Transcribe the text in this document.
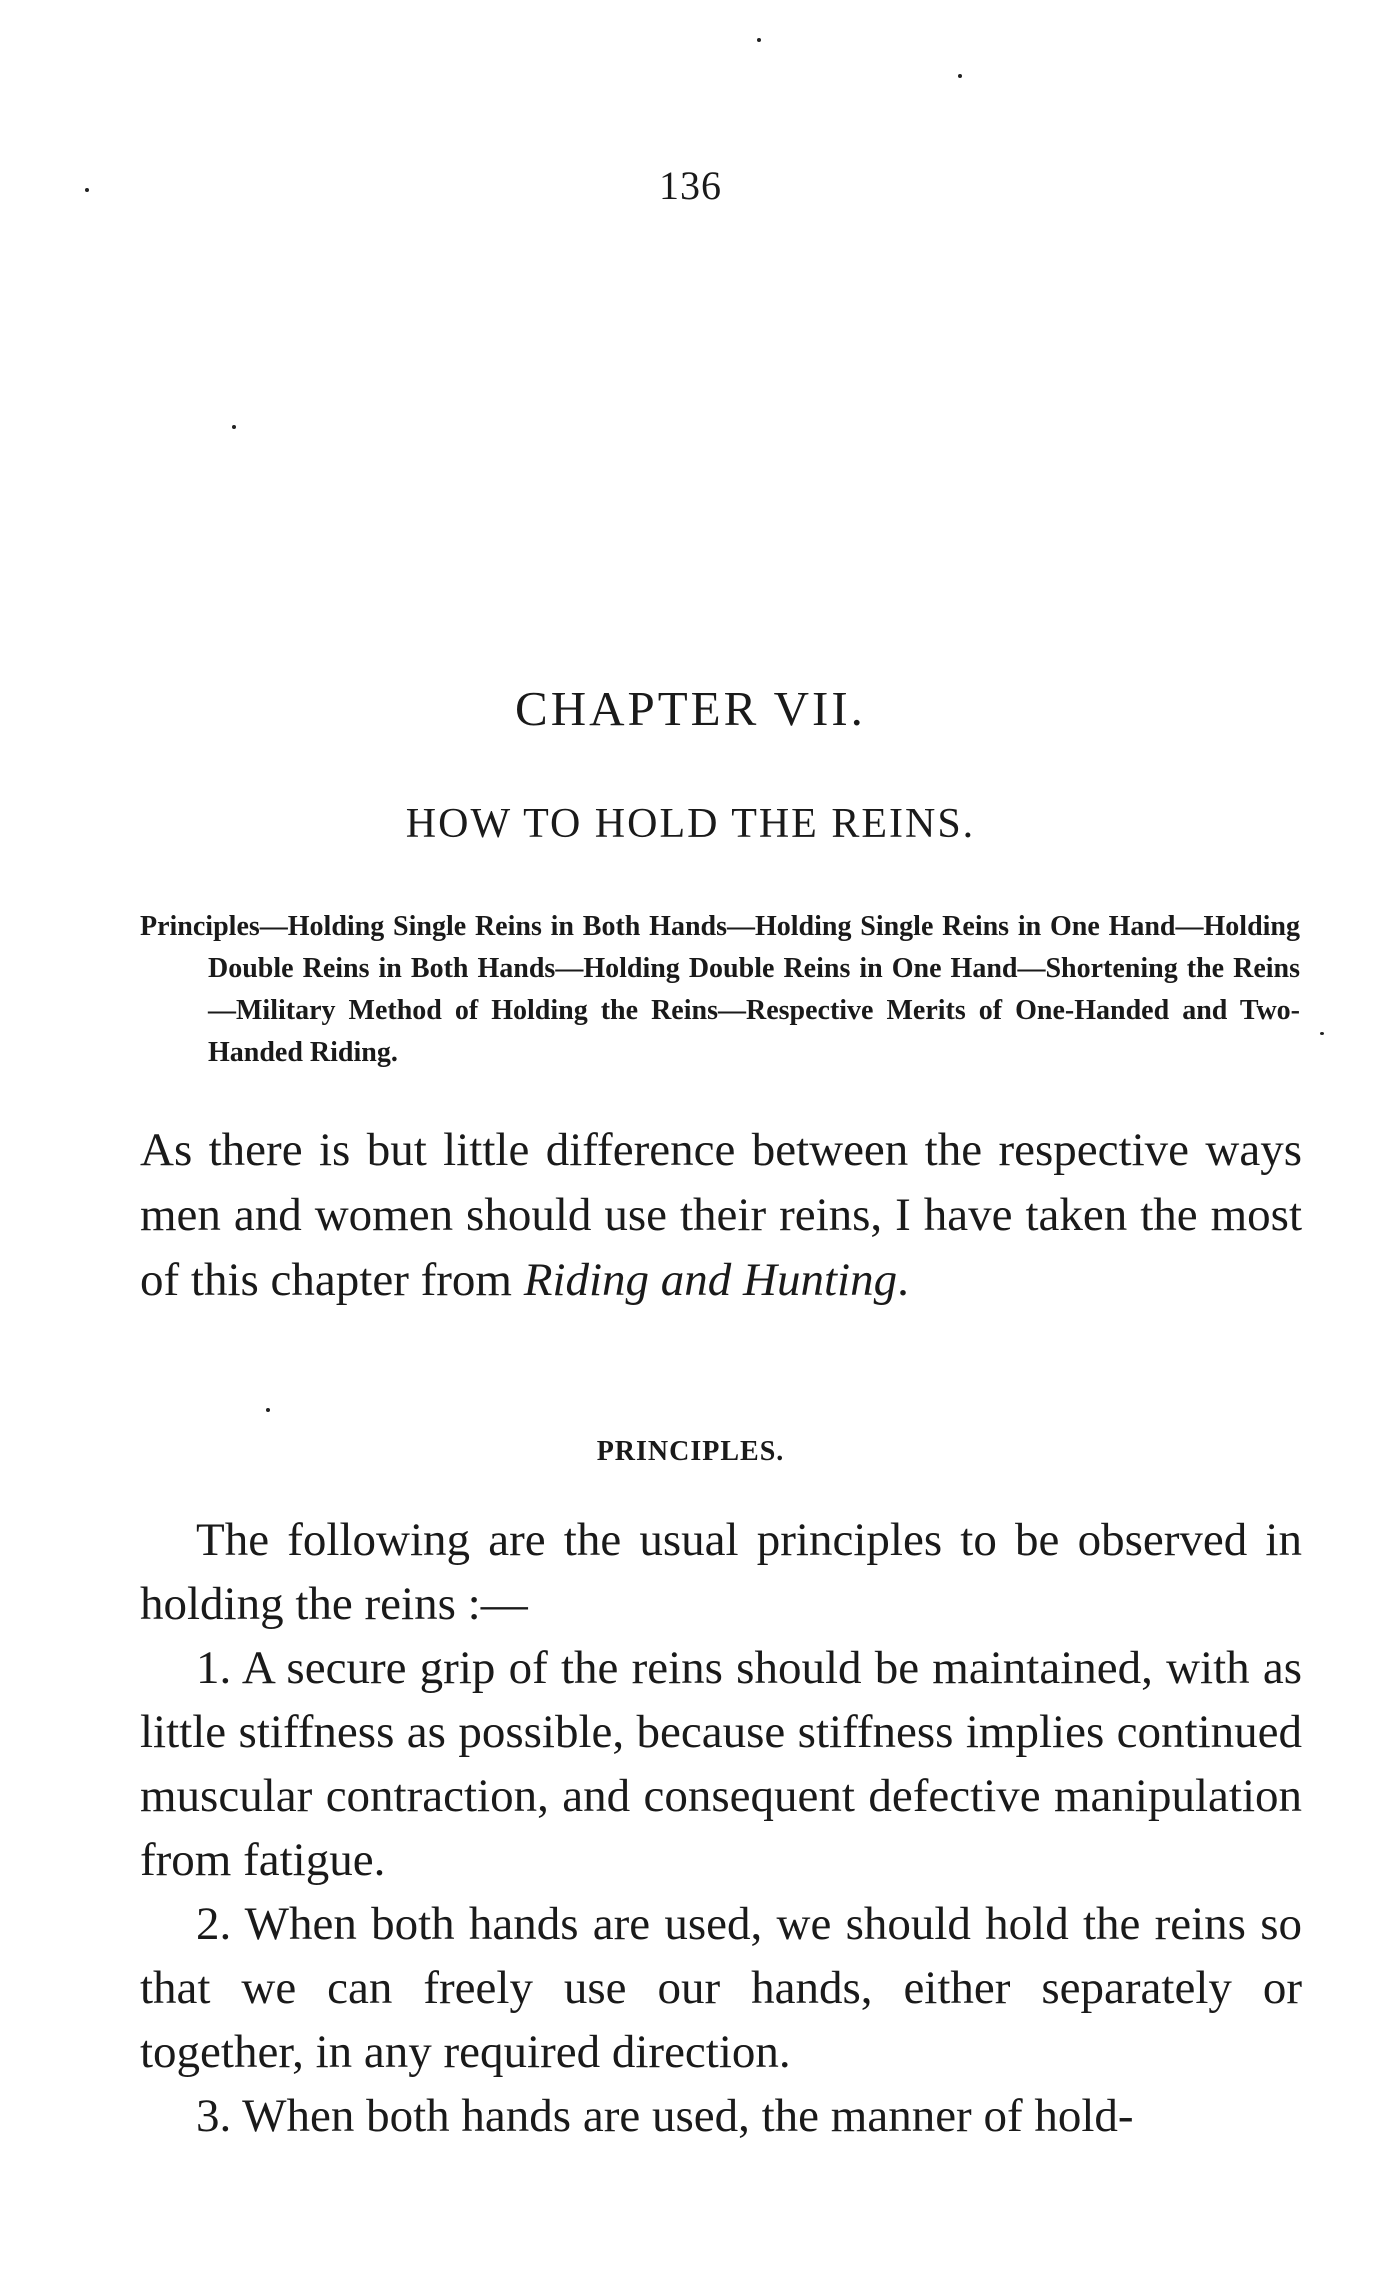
136
CHAPTER VII.
HOW TO HOLD THE REINS.
Principles—Holding Single Reins in Both Hands—Holding Single Reins in One Hand—Holding Double Reins in Both Hands—Holding Double Reins in One Hand—Shortening the Reins—Military Method of Holding the Reins—Respective Merits of One-Handed and Two-Handed Riding.

As there is but little difference between the respective ways men and women should use their reins, I have taken the most of this chapter from Riding and Hunting.

PRINCIPLES.

The following are the usual principles to be observed in holding the reins :—

1. A secure grip of the reins should be maintained, with as little stiffness as possible, because stiffness implies continued muscular contraction, and consequent defective manipulation from fatigue.

2. When both hands are used, we should hold the reins so that we can freely use our hands, either separately or together, in any required direction.

3. When both hands are used, the manner of hold-
